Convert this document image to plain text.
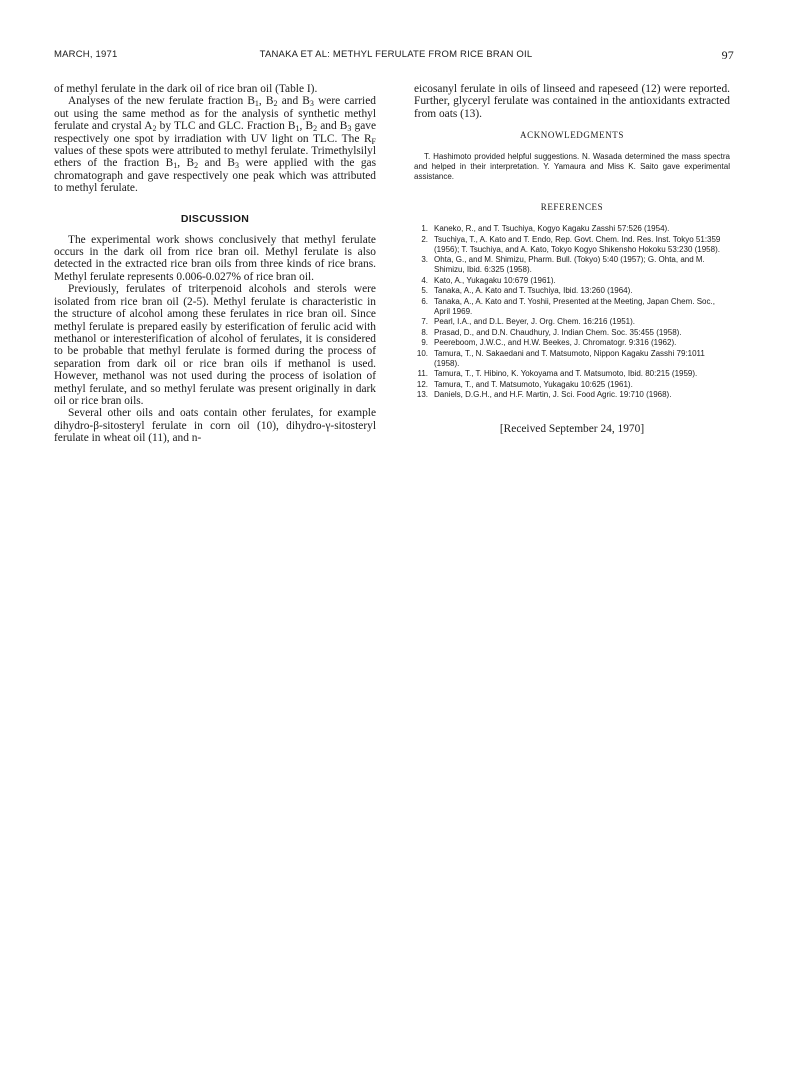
MARCH, 1971	TANAKA ET AL: METHYL FERULATE FROM RICE BRAN OIL	97

of methyl ferulate in the dark oil of rice bran oil (Table I).

Analyses of the new ferulate fraction $B_1$, $B_2$ and $B_3$ were carried out using the same method as for the analysis of synthetic methyl ferulate and crystal $A_2$ by TLC and GLC. Fraction $B_1$, $B_2$ and $B_3$ gave respectively one spot by irradiation with UV light on TLC. The $R_F$ values of these spots were attributed to methyl ferulate. Trimethylsilyl ethers of the fraction $B_1$, $B_2$ and $B_3$ were applied with the gas chromatograph and gave respectively one peak which was attributed to methyl ferulate.

DISCUSSION

The experimental work shows conclusively that methyl ferulate occurs in the dark oil from rice bran oil. Methyl ferulate is also detected in the extracted rice bran oils from three kinds of rice brans. Methyl ferulate represents 0.006-0.027% of rice bran oil.

Previously, ferulates of triterpenoid alcohols and sterols were isolated from rice bran oil (2-5). Methyl ferulate is characteristic in the structure of alcohol among these ferulates in rice bran oil. Since methyl ferulate is prepared easily by esterification of ferulic acid with methanol or interesterification of alcohol of ferulates, it is considered to be probable that methyl ferulate is formed during the process of separation from dark oil or rice bran oils if methanol is used. However, methanol was not used during the process of isolation of methyl ferulate, and so methyl ferulate was present originally in dark oil or rice bran oils.

Several other oils and oats contain other ferulates, for example dihydro-β-sitosteryl ferulate in corn oil (10), dihydro-γ-sitosteryl ferulate in wheat oil (11), and n-

eicosanyl ferulate in oils of linseed and rapeseed (12) were reported. Further, glyceryl ferulate was contained in the antioxidants extracted from oats (13).

ACKNOWLEDGMENTS

T. Hashimoto provided helpful suggestions. N. Wasada determined the mass spectra and helped in their interpretation. Y. Yamaura and Miss K. Saito gave experimental assistance.

REFERENCES
1. Kaneko, R., and T. Tsuchiya, Kogyo Kagaku Zasshi 57:526 (1954).
2. Tsuchiya, T., A. Kato and T. Endo, Rep. Govt. Chem. Ind. Res. Inst. Tokyo 51:359 (1956); T. Tsuchiya, and A. Kato, Tokyo Kogyo Shikensho Hokoku 53:230 (1958).
3. Ohta, G., and M. Shimizu, Pharm. Bull. (Tokyo) 5:40 (1957); G. Ohta, and M. Shimizu, Ibid. 6:325 (1958).
4. Kato, A., Yukagaku 10:679 (1961).
5. Tanaka, A., A. Kato and T. Tsuchiya, Ibid. 13:260 (1964).
6. Tanaka, A., A. Kato and T. Yoshii, Presented at the Meeting, Japan Chem. Soc., April 1969.
7. Pearl, I.A., and D.L. Beyer, J. Org. Chem. 16:216 (1951).
8. Prasad, D., and D.N. Chaudhury, J. Indian Chem. Soc. 35:455 (1958).
9. Peereboom, J.W.C., and H.W. Beekes, J. Chromatogr. 9:316 (1962).
10. Tamura, T., N. Sakaedani and T. Matsumoto, Nippon Kagaku Zasshi 79:1011 (1958).
11. Tamura, T., T. Hibino, K. Yokoyama and T. Matsumoto, Ibid. 80:215 (1959).
12. Tamura, T., and T. Matsumoto, Yukagaku 10:625 (1961).
13. Daniels, D.G.H., and H.F. Martin, J. Sci. Food Agric. 19:710 (1968).
[Received September 24, 1970]
